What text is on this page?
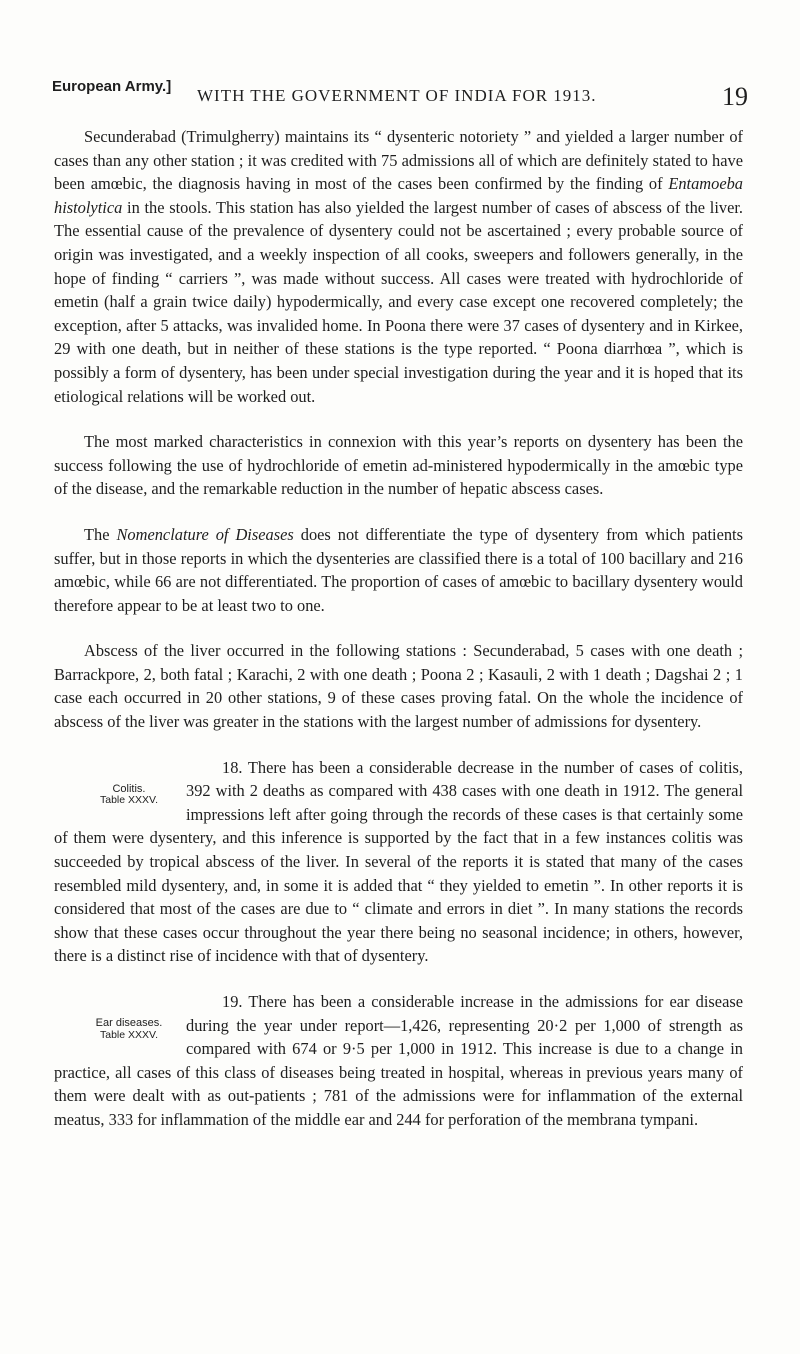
European Army.] WITH THE GOVERNMENT OF INDIA FOR 1913.	19

Secunderabad (Trimulgherry) maintains its “ dysenteric notoriety ” and yielded a larger number of cases than any other station ; it was credited with 75 admissions all of which are definitely stated to have been amœbic, the diagnosis having in most of the cases been confirmed by the finding of Entamoeba histolytica in the stools. This station has also yielded the largest number of cases of abscess of the liver. The essential cause of the prevalence of dysentery could not be ascertained ; every probable source of origin was investigated, and a weekly inspection of all cooks, sweepers and followers generally, in the hope of finding “ carriers ”, was made without success. All cases were treated with hydrochloride of emetin (half a grain twice daily) hypodermically, and every case except one recovered completely; the exception, after 5 attacks, was invalided home. In Poona there were 37 cases of dysentery and in Kirkee, 29 with one death, but in neither of these stations is the type reported. “ Poona diarrhœa ”, which is possibly a form of dysentery, has been under special investigation during the year and it is hoped that its etiological relations will be worked out.

The most marked characteristics in connexion with this year’s reports on dysentery has been the success following the use of hydrochloride of emetin ad-ministered hypodermically in the amœbic type of the disease, and the remarkable reduction in the number of hepatic abscess cases.

The Nomenclature of Diseases does not differentiate the type of dysentery from which patients suffer, but in those reports in which the dysenteries are classified there is a total of 100 bacillary and 216 amœbic, while 66 are not differentiated. The proportion of cases of amœbic to bacillary dysentery would therefore appear to be at least two to one.

Abscess of the liver occurred in the following stations : Secunderabad, 5 cases with one death ; Barrackpore, 2, both fatal ; Karachi, 2 with one death ; Poona 2 ; Kasauli, 2 with 1 death ; Dagshai 2 ; 1 case each occurred in 20 other stations, 9 of these cases proving fatal. On the whole the incidence of abscess of the liver was greater in the stations with the largest number of admissions for dysentery.

Colitis.
Table XXXV.

18. There has been a considerable decrease in the number of cases of colitis, 392 with 2 deaths as compared with 438 cases with one death in 1912. The general impressions left after going through the records of these cases is that certainly some of them were dysentery, and this inference is supported by the fact that in a few instances colitis was succeeded by tropical abscess of the liver. In several of the reports it is stated that many of the cases resembled mild dysentery, and, in some it is added that “ they yielded to emetin ”. In other reports it is considered that most of the cases are due to “ climate and errors in diet ”. In many stations the records show that these cases occur throughout the year there being no seasonal incidence; in others, however, there is a distinct rise of incidence with that of dysentery.

Ear diseases.
Table XXXV.

19. There has been a considerable increase in the admissions for ear disease during the year under report—1,426, representing 20·2 per 1,000 of strength as compared with 674 or 9·5 per 1,000 in 1912. This increase is due to a change in practice, all cases of this class of diseases being treated in hospital, whereas in previous years many of them were dealt with as out-patients ; 781 of the admissions were for inflammation of the external meatus, 333 for inflammation of the middle ear and 244 for perforation of the membrana tympani.
